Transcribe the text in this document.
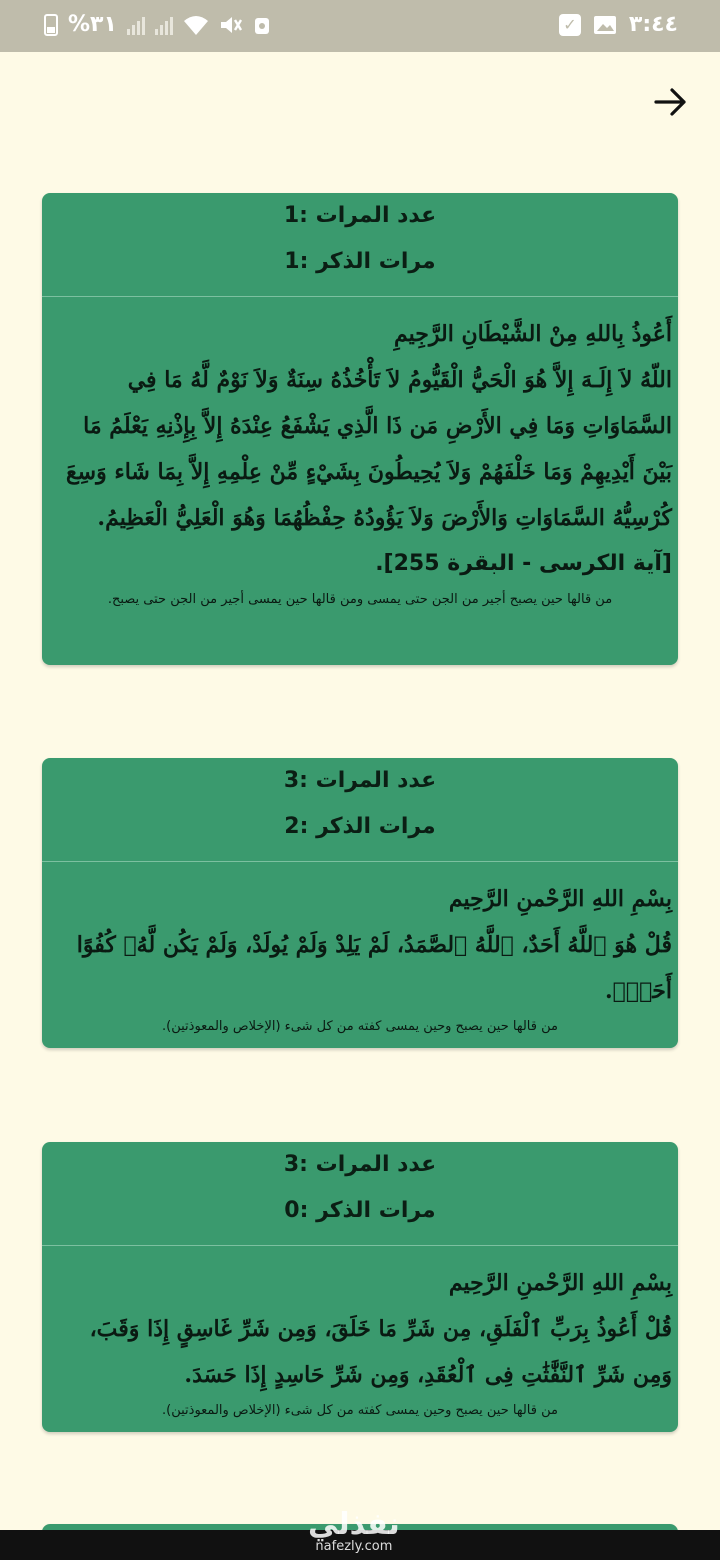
%٣١	✓ ٣:٤٤
عدد المرات :1
مرات الذكر :1
أَعُوذُ بِاللهِ مِنْ الشَّيْطَانِ الرَّجِيمِ
اللّهُ لاَ إِلَـهَ إِلاَّ هُوَ الْحَيُّ الْقَيُّومُ لاَ تَأْخُذُهُ سِنَةٌ وَلاَ نَوْمٌ لَّهُ مَا فِي السَّمَاوَاتِ وَمَا فِي الأَرْضِ مَن ذَا الَّذِي يَشْفَعُ عِنْدَهُ إِلاَّ بِإِذْنِهِ يَعْلَمُ مَا بَيْنَ أَيْدِيهِمْ وَمَا خَلْفَهُمْ وَلاَ يُحِيطُونَ بِشَيْءٍ مِّنْ عِلْمِهِ إِلاَّ بِمَا شَاء وَسِعَ كُرْسِيُّهُ السَّمَاوَاتِ وَالأَرْضَ وَلاَ يَؤُودُهُ حِفْظُهُمَا وَهُوَ الْعَلِيُّ الْعَظِيمُ.
[آية الكرسى - البقرة 255].
من قالها حين يصبح أجير من الجن حتى يمسى ومن قالها حين يمسى أجير من الجن حتى يصبح.
عدد المرات :3
مرات الذكر :2
بِسْمِ اللهِ الرَّحْمنِ الرَّحِيم
قُلْ هُوَ ٱللَّهُ أَحَدٌ، ٱللَّهُ ٱلصَّمَدُ، لَمْ يَلِدْ وَلَمْ يُولَدْ، وَلَمْ يَكُن لَّهُۥ كُفُوًا أَحَدٌۢ.
من قالها حين يصبح وحين يمسى كفته من كل شىء (الإخلاص والمعوذتين).
عدد المرات :3
مرات الذكر :0
بِسْمِ اللهِ الرَّحْمنِ الرَّحِيم
قُلْ أَعُوذُ بِرَبِّ ٱلْفَلَقِ، مِن شَرِّ مَا خَلَقَ، وَمِن شَرِّ غَاسِقٍ إِذَا وَقَبَ، وَمِن شَرِّ ٱلنَّفَّٰثَٰتِ فِى ٱلْعُقَدِ، وَمِن شَرِّ حَاسِدٍ إِذَا حَسَدَ.
من قالها حين يصبح وحين يمسى كفته من كل شىء (الإخلاص والمعوذتين).
نفذلي
nafezly.com
